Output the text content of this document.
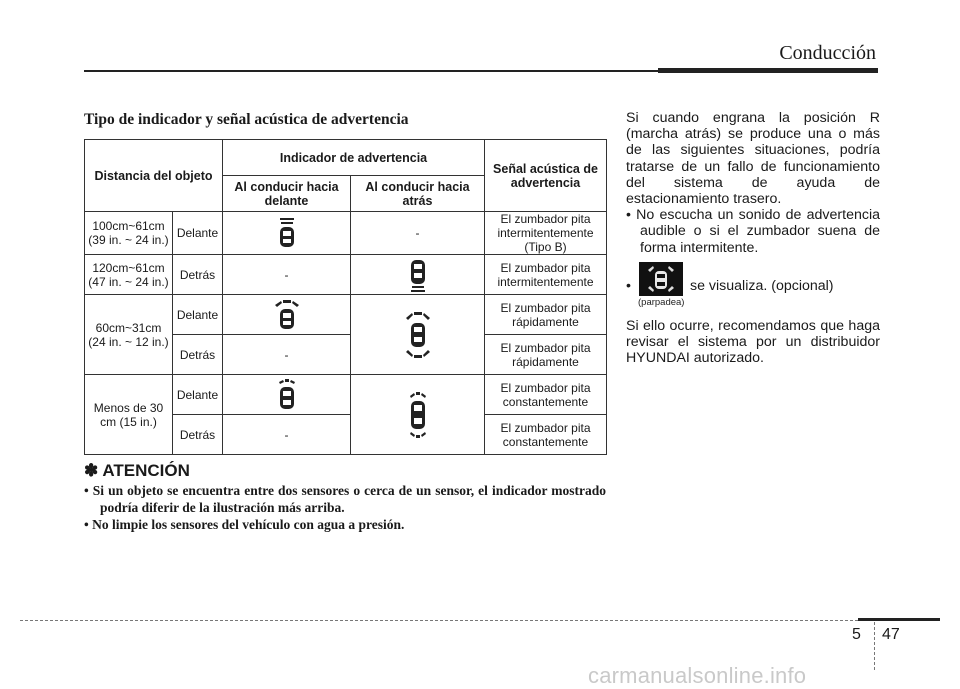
Conducción
Tipo de indicador y señal acústica de advertencia
Distancia del objeto		Indicador de advertencia		Señal acústica de advertencia
		Al conducir hacia delante	Al conducir hacia atrás	
100cm~61cm (39 in. ~ 24 in.)	Delante		-	El zumbador pita intermitentemente (Tipo B)
120cm~61cm (47 in. ~ 24 in.)	Detrás	-		El zumbador pita intermitentemente
60cm~31cm (24 in. ~ 12 in.)	Delante			El zumbador pita rápidamente
	Detrás	-		El zumbador pita rápidamente
Menos de 30 cm (15 in.)	Delante			El zumbador pita constantemente
	Detrás	-		El zumbador pita constantemente
✽ ATENCIÓN
• Si un objeto se encuentra entre dos sensores o cerca de un sensor, el indicador mostrado podría diferir de la ilustración más arriba.
• No limpie los sensores del vehículo con agua a presión.

Si cuando engrana la posición R (marcha atrás) se produce una o más de las siguientes situaciones, podría tratarse de un fallo de funcionamiento del sistema de ayuda de estacionamiento trasero.

• No escucha un sonido de advertencia audible o si el zumbador suena de forma intermitente.

•
(parpadea)
se visualiza. (opcional)

Si ello ocurre, recomendamos que haga revisar el sistema por un distribuidor HYUNDAI autorizado.

5 47
carmanualsonline.info
